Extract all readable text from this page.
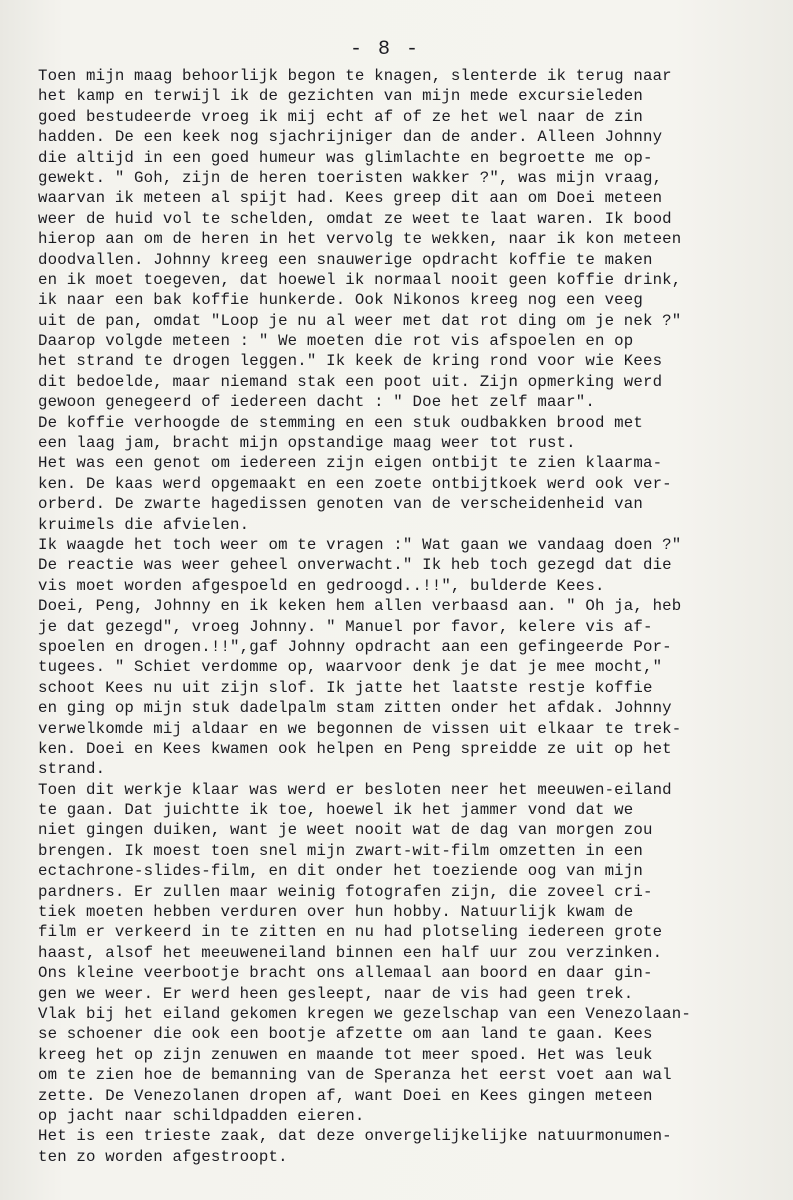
- 8 -
Toen mijn maag behoorlijk begon te knagen, slenterde ik terug naar
het kamp en terwijl ik de gezichten van mijn mede excursieleden
goed bestudeerde vroeg ik mij echt af of ze het wel naar de zin
hadden. De een keek nog sjachrijniger dan de ander. Alleen Johnny
die altijd in een goed humeur was glimlachte en begroette me op-
gewekt. " Goh, zijn de heren toeristen wakker ?", was mijn vraag,
waarvan ik meteen al spijt had. Kees greep dit aan om Doei meteen
weer de huid vol te schelden, omdat ze weet te laat waren. Ik bood
hierop aan om de heren in het vervolg te wekken, naar ik kon meteen
doodvallen. Johnny kreeg een snauwerige opdracht koffie te maken
en ik moet toegeven, dat hoewel ik normaal nooit geen koffie drink,
ik naar een bak koffie hunkerde. Ook Nikonos kreeg nog een veeg
uit de pan, omdat "Loop je nu al weer met dat rot ding om je nek ?"
Daarop volgde meteen : " We moeten die rot vis afspoelen en op
het strand te drogen leggen." Ik keek de kring rond voor wie Kees
dit bedoelde, maar niemand stak een poot uit. Zijn opmerking werd
gewoon genegeerd of iedereen dacht : " Doe het zelf maar".
De koffie verhoogde de stemming en een stuk oudbakken brood met
een laag jam, bracht mijn opstandige maag weer tot rust.
Het was een genot om iedereen zijn eigen ontbijt te zien klaarma-
ken. De kaas werd opgemaakt en een zoete ontbijtkoek werd ook ver-
orberd. De zwarte hagedissen genoten van de verscheidenheid van
kruimels die afvielen.
Ik waagde het toch weer om te vragen :" Wat gaan we vandaag doen ?"
De reactie was weer geheel onverwacht." Ik heb toch gezegd dat die
vis moet worden afgespoeld en gedroogd..!!", bulderde Kees.
Doei, Peng, Johnny en ik keken hem allen verbaasd aan. " Oh ja, heb
je dat gezegd", vroeg Johnny. " Manuel por favor, kelere vis af-
spoelen en drogen.!!",gaf Johnny opdracht aan een gefingeerde Por-
tugees. " Schiet verdomme op, waarvoor denk je dat je mee mocht,"
schoot Kees nu uit zijn slof. Ik jatte het laatste restje koffie
en ging op mijn stuk dadelpalm stam zitten onder het afdak. Johnny
verwelkomde mij aldaar en we begonnen de vissen uit elkaar te trek-
ken. Doei en Kees kwamen ook helpen en Peng spreidde ze uit op het
strand.
Toen dit werkje klaar was werd er besloten neer het meeuwen-eiland
te gaan. Dat juichtte ik toe, hoewel ik het jammer vond dat we
niet gingen duiken, want je weet nooit wat de dag van morgen zou
brengen. Ik moest toen snel mijn zwart-wit-film omzetten in een
ectachrone-slides-film, en dit onder het toeziende oog van mijn
pardners. Er zullen maar weinig fotografen zijn, die zoveel cri-
tiek moeten hebben verduren over hun hobby. Natuurlijk kwam de
film er verkeerd in te zitten en nu had plotseling iedereen grote
haast, alsof het meeuweneiland binnen een half uur zou verzinken.
Ons kleine veerbootje bracht ons allemaal aan boord en daar gin-
gen we weer. Er werd heen gesleept, naar de vis had geen trek.
Vlak bij het eiland gekomen kregen we gezelschap van een Venezolaan-
se schoener die ook een bootje afzette om aan land te gaan. Kees
kreeg het op zijn zenuwen en maande tot meer spoed. Het was leuk
om te zien hoe de bemanning van de Speranza het eerst voet aan wal
zette. De Venezolanen dropen af, want Doei en Kees gingen meteen
op jacht naar schildpadden eieren.
Het is een trieste zaak, dat deze onvergelijkelijke natuurmonumen-
ten zo worden afgestroopt.
